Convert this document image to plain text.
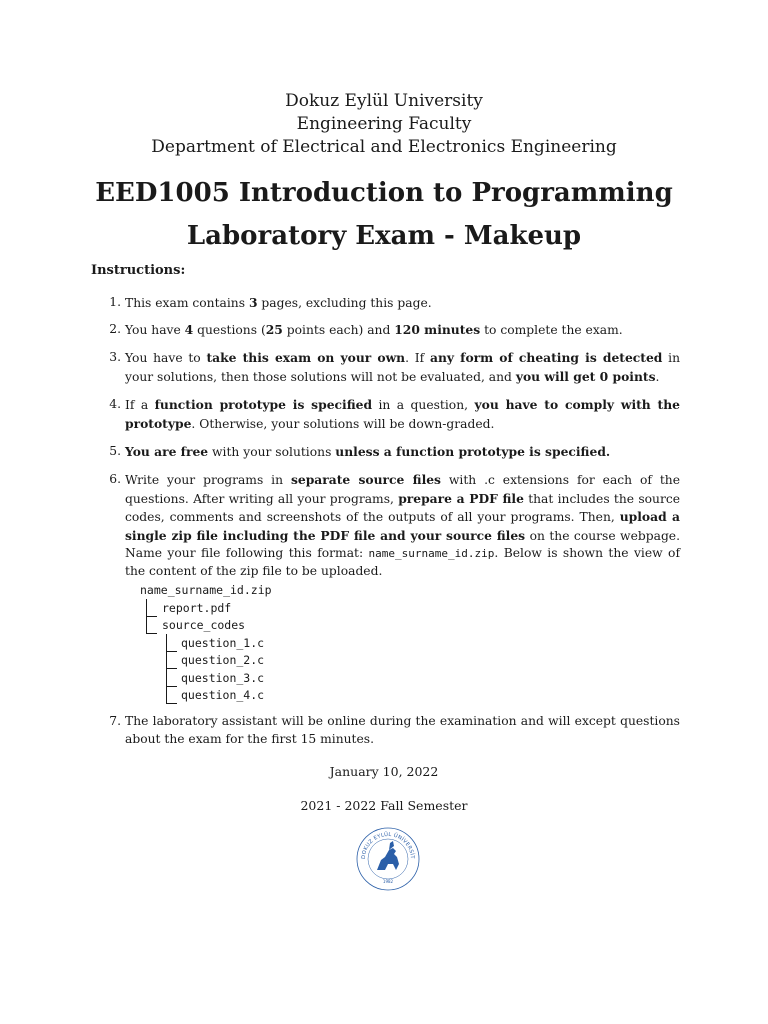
Dokuz Eylül University
Engineering Faculty
Department of Electrical and Electronics Engineering
EED1005 Introduction to Programming
Laboratory Exam - Makeup
Instructions:
1. This exam contains 3 pages, excluding this page.
2. You have 4 questions (25 points each) and 120 minutes to complete the exam.
3. You have to take this exam on your own. If any form of cheating is detected in your solutions, then those solutions will not be evaluated, and you will get 0 points.
4. If a function prototype is specified in a question, you have to comply with the prototype. Otherwise, your solutions will be down-graded.
5. You are free with your solutions unless a function prototype is specified.
6. Write your programs in separate source files with .c extensions for each of the questions. After writing all your programs, prepare a PDF file that includes the source codes, comments and screenshots of the outputs of all your programs. Then, upload a single zip file including the PDF file and your source files on the course webpage. Name your file following this format: name_surname_id.zip. Below is shown the view of the content of the zip file to be uploaded.
7. The laboratory assistant will be online during the examination and will except questions about the exam for the first 15 minutes.
name_surname_id.zip
report.pdf
source_codes
question_1.c
question_2.c
question_3.c
question_4.c
January 10, 2022
2021 - 2022 Fall Semester
DOKUZ EYLÜL ÜNİVERSİT
1982
